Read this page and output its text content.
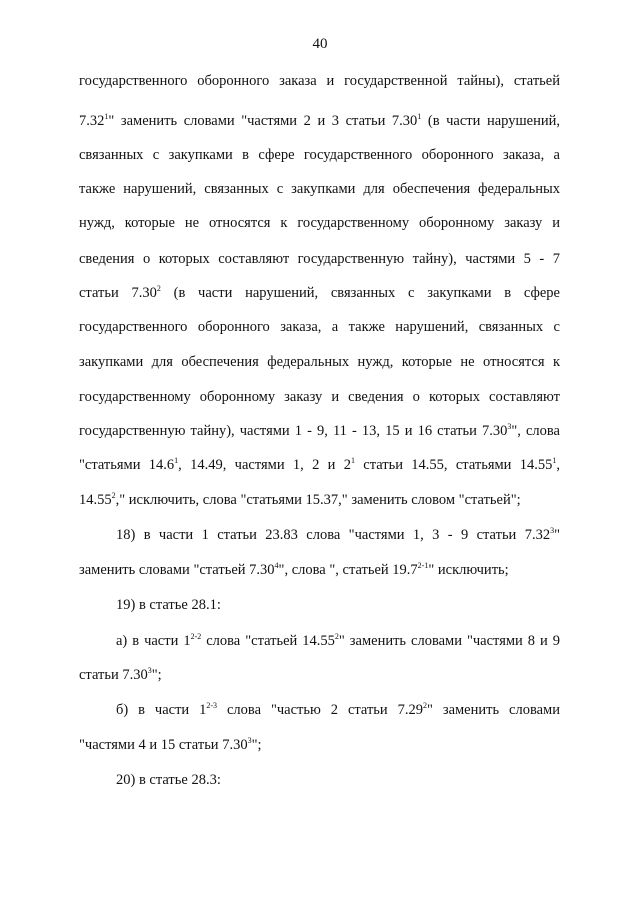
40
государственного оборонного заказа и государственной тайны), статьей
7.32$^1$" заменить словами "частями 2 и 3 статьи 7.30$^1$ (в части нарушений,
связанных с закупками в сфере государственного оборонного заказа, а
также нарушений, связанных с закупками для обеспечения федеральных
нужд, которые не относятся к государственному оборонному заказу и
сведения о которых составляют государственную тайну), частями 5 - 7
статьи 7.30$^2$ (в части нарушений, связанных с закупками в сфере
государственного оборонного заказа, а также нарушений, связанных с
закупками для обеспечения федеральных нужд, которые не относятся к
государственному оборонному заказу и сведения о которых составляют
государственную тайну), частями 1 - 9, 11 - 13, 15 и 16 статьи 7.30$^3$", слова
"статьями 14.6$^1$, 14.49, частями 1, 2 и $2^1$ статьи 14.55, статьями 14.55$^1$,
14.55$^2$," исключить, слова "статьями 15.37," заменить словом "статьей";
18) в части 1 статьи 23.83 слова "частями 1, 3 - 9 статьи 7.32$^3$"
заменить словами "статьей 7.30$^4$", слова ", статьей 19.7$^{2-1}$" исключить;
19) в статье 28.1:
а) в части 1$^{2-2}$ слова "статьей 14.55$^2$" заменить словами "частями 8 и 9
статьи 7.30$^3$";
б) в части 1$^{2-3}$ слова "частью 2 статьи 7.29$^2$" заменить словами
"частями 4 и 15 статьи 7.30$^3$";
20) в статье 28.3:
